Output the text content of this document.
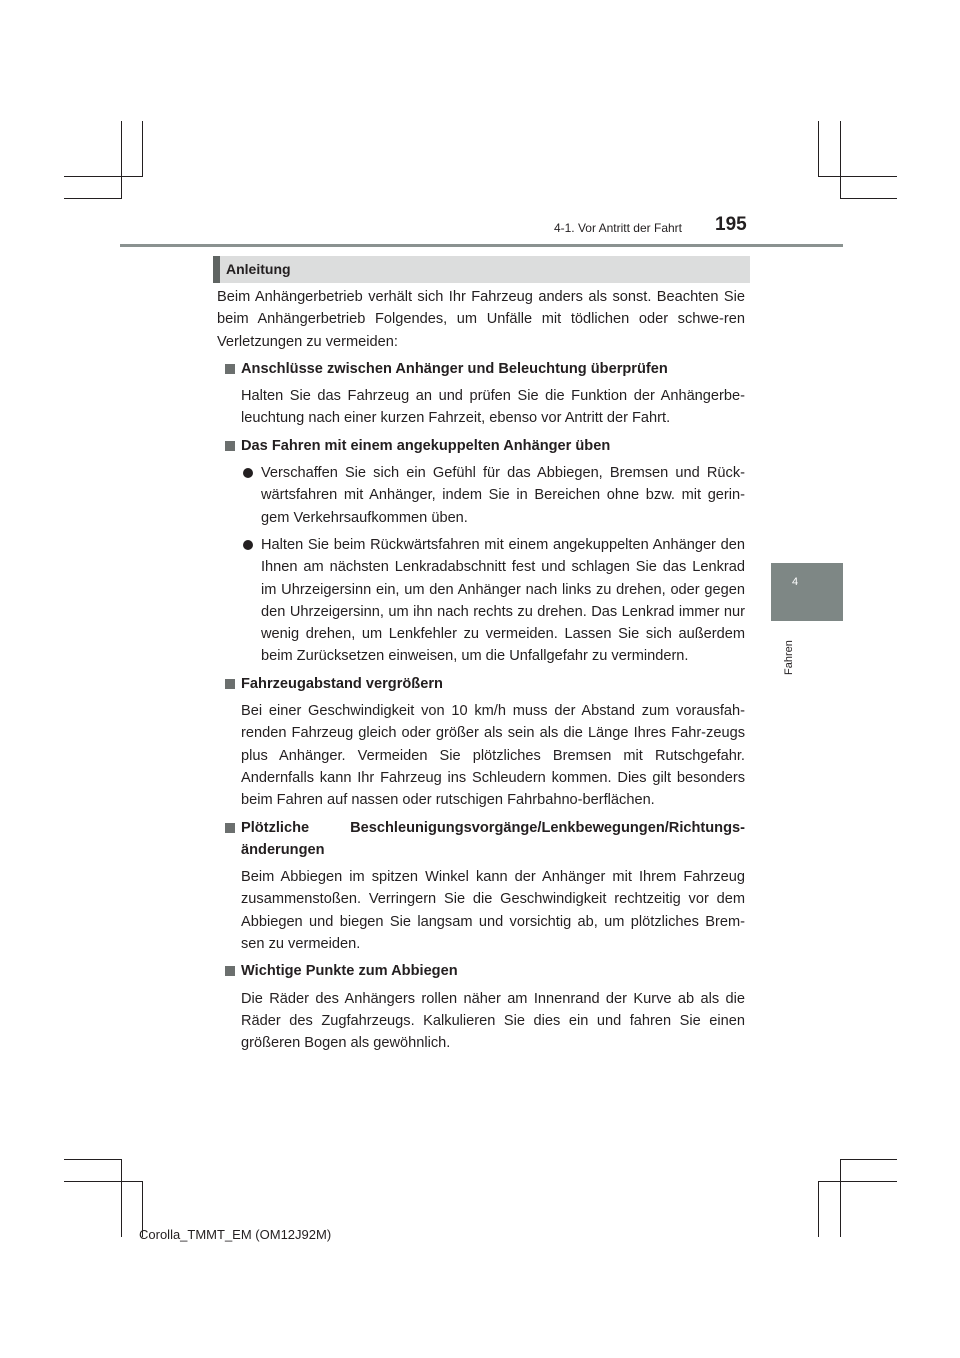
4-1. Vor Antritt der Fahrt 195
4
Fahren
Anleitung

Beim Anhängerbetrieb verhält sich Ihr Fahrzeug anders als sonst. Beachten Sie beim Anhängerbetrieb Folgendes, um Unfälle mit tödlichen oder schwe-ren Verletzungen zu vermeiden:

Anschlüsse zwischen Anhänger und Beleuchtung überprüfen

Halten Sie das Fahrzeug an und prüfen Sie die Funktion der Anhängerbe-leuchtung nach einer kurzen Fahrzeit, ebenso vor Antritt der Fahrt.

Das Fahren mit einem angekuppelten Anhänger üben
Verschaffen Sie sich ein Gefühl für das Abbiegen, Bremsen und Rück-wärtsfahren mit Anhänger, indem Sie in Bereichen ohne bzw. mit gerin-gem Verkehrsaufkommen üben.
Halten Sie beim Rückwärtsfahren mit einem angekuppelten Anhänger den Ihnen am nächsten Lenkradabschnitt fest und schlagen Sie das Lenkrad im Uhrzeigersinn ein, um den Anhänger nach links zu drehen, oder gegen den Uhrzeigersinn, um ihn nach rechts zu drehen. Das Lenkrad immer nur wenig drehen, um Lenkfehler zu vermeiden. Lassen Sie sich außerdem beim Zurücksetzen einweisen, um die Unfallgefahr zu vermindern.
Fahrzeugabstand vergrößern

Bei einer Geschwindigkeit von 10 km/h muss der Abstand zum vorausfah-renden Fahrzeug gleich oder größer als sein als die Länge Ihres Fahr-zeugs plus Anhänger. Vermeiden Sie plötzliches Bremsen mit Rutschgefahr. Andernfalls kann Ihr Fahrzeug ins Schleudern kommen. Dies gilt besonders beim Fahren auf nassen oder rutschigen Fahrbahno-berflächen.

Plötzliche Beschleunigungsvorgänge/Lenkbewegungen/Richtungs-änderungen

Beim Abbiegen im spitzen Winkel kann der Anhänger mit Ihrem Fahrzeug zusammenstoßen. Verringern Sie die Geschwindigkeit rechtzeitig vor dem Abbiegen und biegen Sie langsam und vorsichtig ab, um plötzliches Brem-sen zu vermeiden.

Wichtige Punkte zum Abbiegen

Die Räder des Anhängers rollen näher am Innenrand der Kurve ab als die Räder des Zugfahrzeugs. Kalkulieren Sie dies ein und fahren Sie einen größeren Bogen als gewöhnlich.

Corolla_TMMT_EM (OM12J92M)
